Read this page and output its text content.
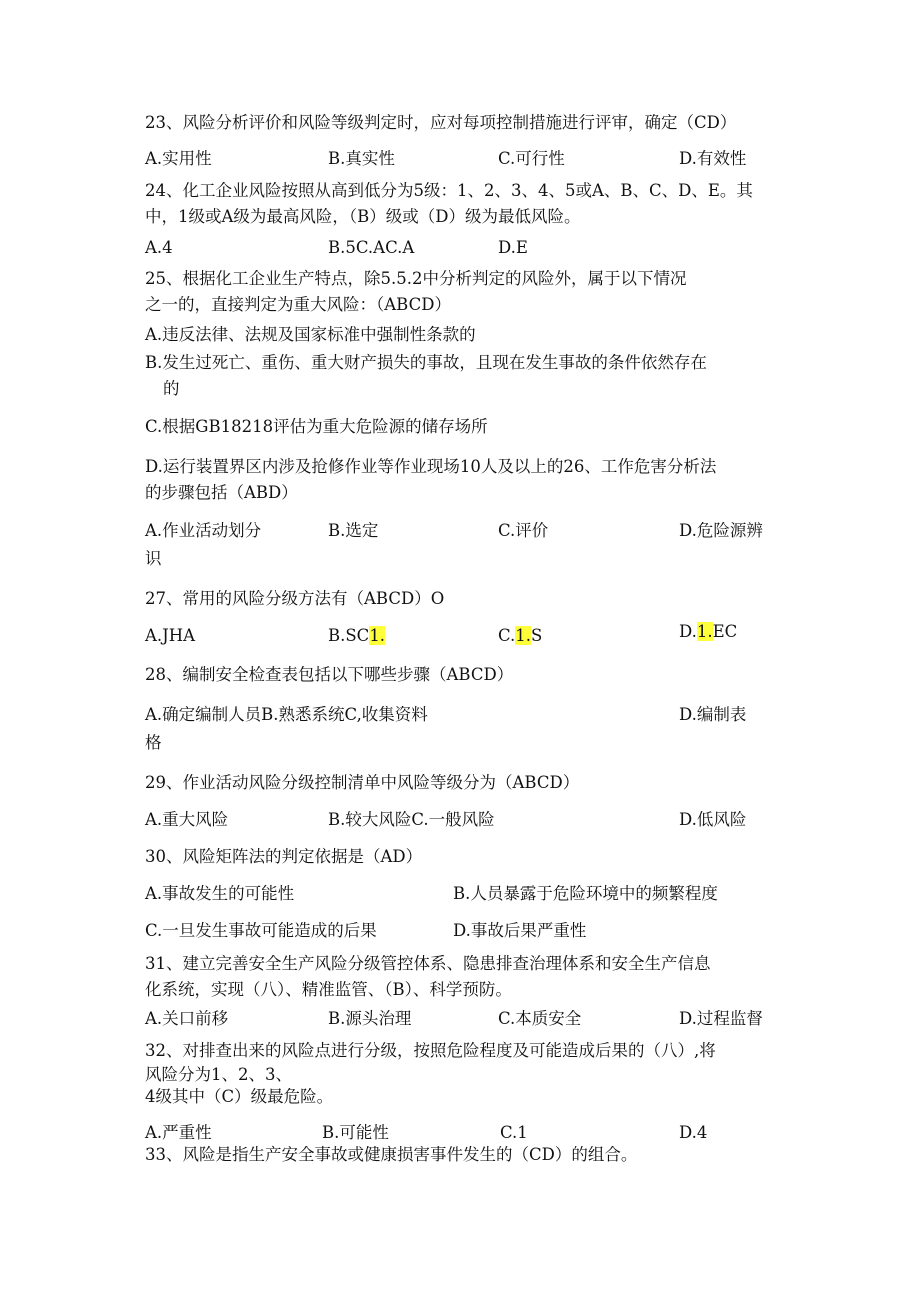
23、风险分析评价和风险等级判定时，应对每项控制措施进行评审，确定（CD）
A.实用性	B.真实性	C.可行性	D.有效性
24、化工企业风险按照从高到低分为5级：1、2、3、4、5或A、B、C、D、E。其
中，1级或A级为最高风险，（B）级或（D）级为最低风险。
A.4	B.5C.AC.A	D.E
25、根据化工企业生产特点，除5.5.2中分析判定的风险外，属于以下情况
之一的，直接判定为重大风险：（ABCD）
A.违反法律、法规及国家标准中强制性条款的
B.发生过死亡、重伤、重大财产损失的事故，且现在发生事故的条件依然存在
的
C.根据GB18218评估为重大危险源的储存场所
D.运行装置界区内涉及抢修作业等作业现场10人及以上的26、工作危害分析法
的步骤包括（ABD）
A.作业活动划分	B.选定	C.评价	D.危险源辨
识
27、常用的风险分级方法有（ABCD）O
A.JHA	B.SC1.	C.1.S	D.1.EC
28、编制安全检查表包括以下哪些步骤（ABCD）
A.确定编制人员B.熟悉系统C,收集资料	D.编制表
格
29、作业活动风险分级控制清单中风险等级分为（ABCD）
A.重大风险	B.较大风险C.一般风险	D.低风险
30、风险矩阵法的判定依据是（AD）
A.事故发生的可能性	B.人员暴露于危险环境中的频繁程度
C.一旦发生事故可能造成的后果	D.事故后果严重性
31、建立完善安全生产风险分级管控体系、隐患排查治理体系和安全生产信息
化系统，实现（八）、精准监管、（B）、科学预防。
A.关口前移	B.源头治理	C.本质安全	D.过程监督
32、对排查出来的风险点进行分级，按照危险程度及可能造成后果的（八）,将
风险分为1、2、3、
4级其中（C）级最危险。
A.严重性	B.可能性	C.1	D.4
33、风险是指生产安全事故或健康损害事件发生的（CD）的组合。
